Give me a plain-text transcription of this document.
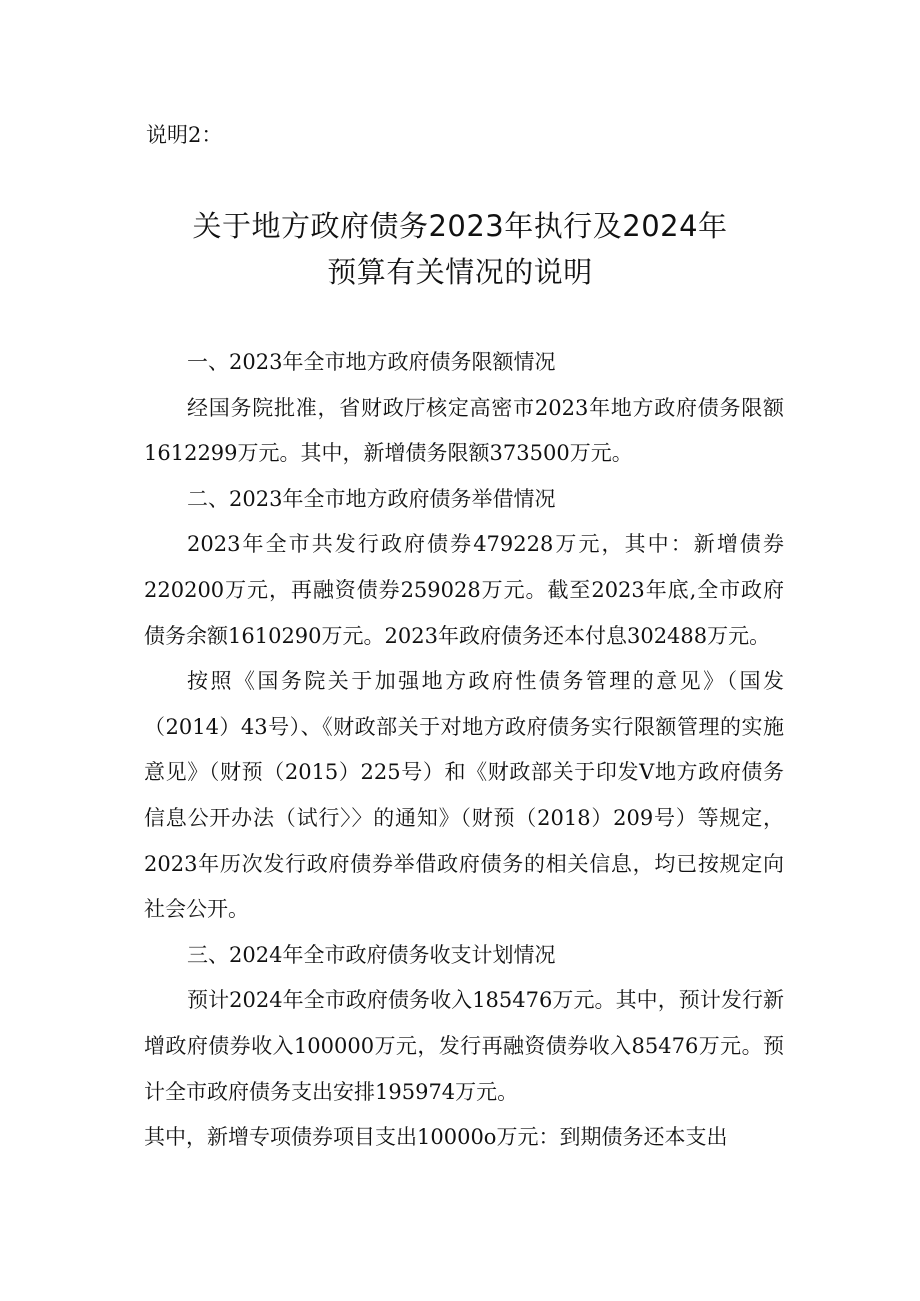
说明2：
关于地方政府债务2023年执行及2024年
预算有关情况的说明

一、2023年全市地方政府债务限额情况

经国务院批准，省财政厅核定高密市2023年地方政府债务限额1612299万元。其中，新增债务限额373500万元。

二、2023年全市地方政府债务举借情况

2023年全市共发行政府债券479228万元，其中：新增债券220200万元，再融资债券259028万元。截至2023年底,全市政府债务余额1610290万元。2023年政府债务还本付息302488万元。

按照《国务院关于加强地方政府性债务管理的意见》（国发（2014）43号）、《财政部关于对地方政府债务实行限额管理的实施意见》（财预（2015）225号）和《财政部关于印发V地方政府债务信息公开办法（试行〉〉的通知》（财预（2018）209号）等规定，2023年历次发行政府债券举借政府债务的相关信息，均已按规定向社会公开。

三、2024年全市政府债务收支计划情况

预计2024年全市政府债务收入185476万元。其中，预计发行新增政府债券收入100000万元，发行再融资债券收入85476万元。预计全市政府债务支出安排195974万元。

其中，新增专项债券项目支出10000o万元：到期债务还本支出
